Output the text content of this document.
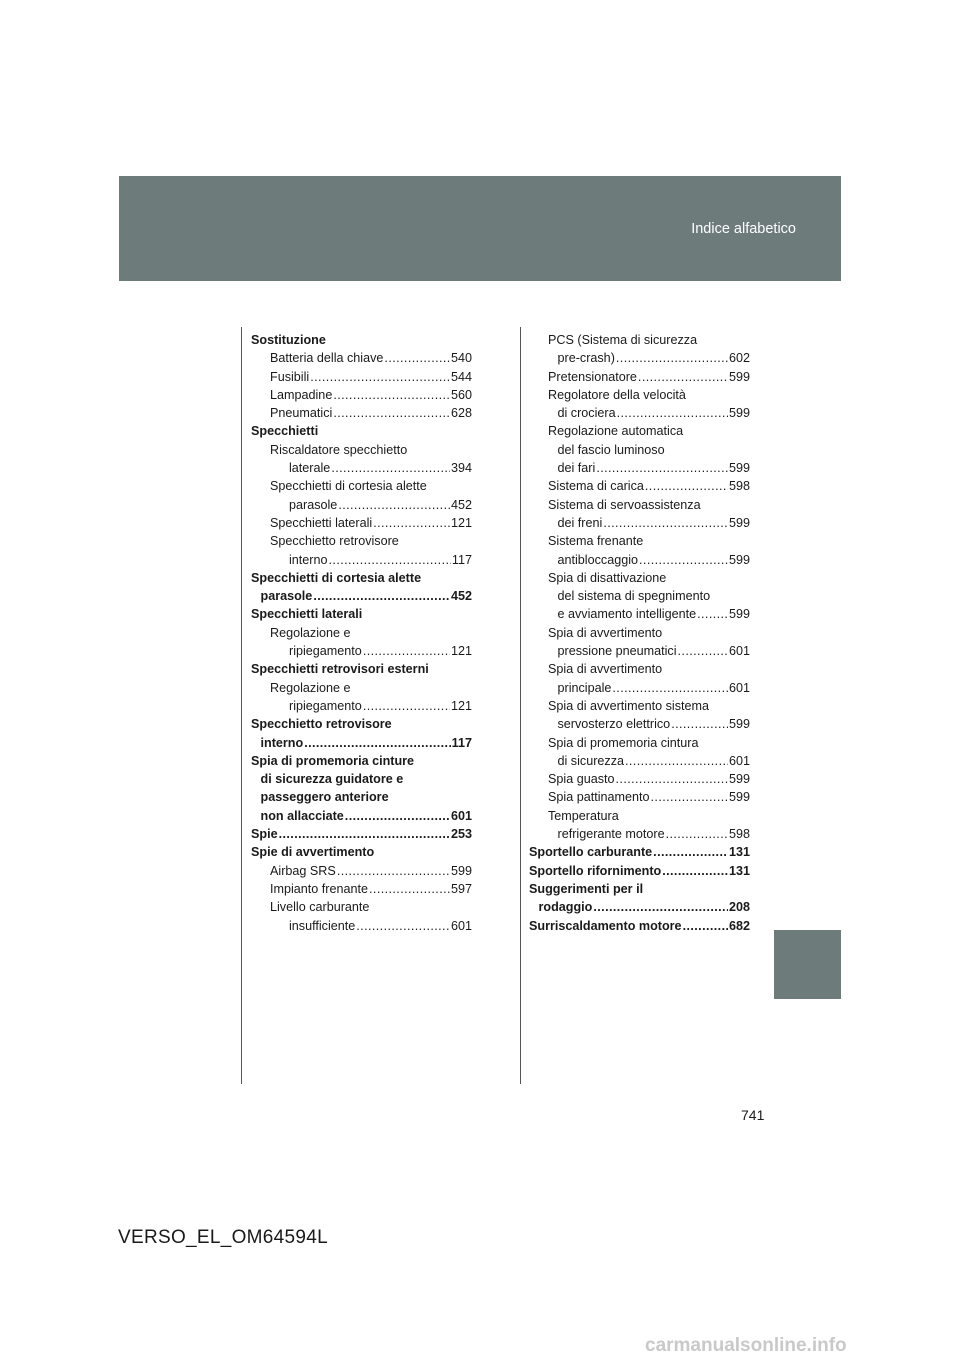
Indice alfabetico
Sostituzione
Batteria della chiave .....	540
Fusibili .....	544
Lampadine .....	560
Pneumatici .....	628
Specchietti
Riscaldatore specchietto
laterale .....	394
Specchietti di cortesia alette
parasole .....	452
Specchietti laterali .....	121
Specchietto retrovisore
interno .....	117
Specchietti di cortesia alette
parasole .....	452
Specchietti laterali
Regolazione e
ripiegamento .....	121
Specchietti retrovisori esterni
Regolazione e
ripiegamento .....	121
Specchietto retrovisore
interno .....	117
Spia di promemoria cinture
di sicurezza guidatore e
passeggero anteriore
non allacciate .....	601
Spie .....	253
Spie di avvertimento
Airbag SRS .....	599
Impianto frenante .....	597
Livello carburante
insufficiente .....	601
PCS (Sistema di sicurezza
pre-crash) .....	602
Pretensionatore .....	599
Regolatore della velocità
di crociera .....	599
Regolazione automatica
del fascio luminoso
dei fari .....	599
Sistema di carica .....	598
Sistema di servoassistenza
dei freni .....	599
Sistema frenante
antibloccaggio .....	599
Spia di disattivazione
del sistema di spegnimento
e avviamento intelligente .....	599
Spia di avvertimento
pressione pneumatici .....	601
Spia di avvertimento
principale .....	601
Spia di avvertimento sistema
servosterzo elettrico .....	599
Spia di promemoria cintura
di sicurezza .....	601
Spia guasto .....	599
Spia pattinamento .....	599
Temperatura
refrigerante motore .....	598
Sportello carburante .....	131
Sportello rifornimento .....	131
Suggerimenti per il
rodaggio .....	208
Surriscaldamento motore .....	682
741
VERSO_EL_OM64594L
carmanualsonline.info
